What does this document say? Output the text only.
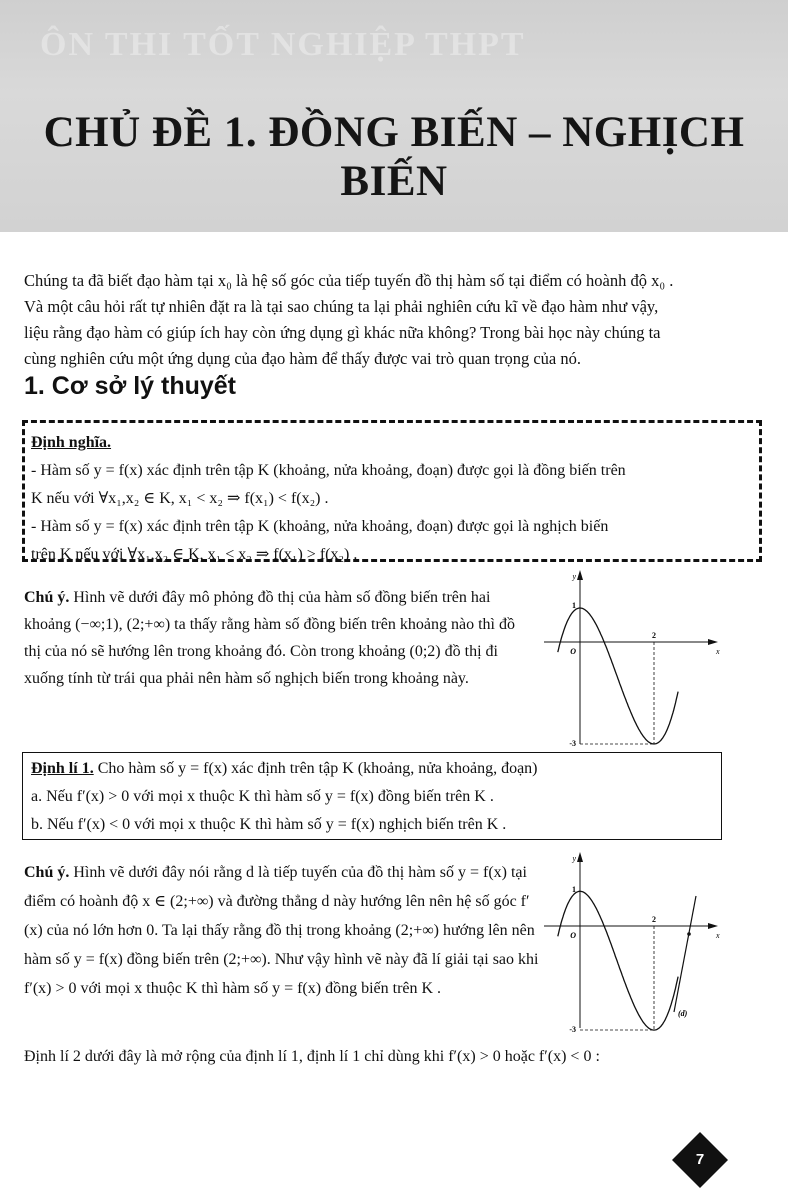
ÔN THI TỐT NGHIỆP THPT
CHỦ ĐỀ 1. ĐỒNG BIẾN – NGHỊCH BIẾN
Chúng ta đã biết đạo hàm tại x₀ là hệ số góc của tiếp tuyến đồ thị hàm số tại điểm có hoành độ x₀ .
Và một câu hỏi rất tự nhiên đặt ra là tại sao chúng ta lại phải nghiên cứu kĩ về đạo hàm như vậy,
liệu rằng đạo hàm có giúp ích hay còn ứng dụng gì khác nữa không? Trong bài học này chúng ta
cùng nghiên cứu một ứng dụng của đạo hàm để thấy được vai trò quan trọng của nó.
1. Cơ sở lý thuyết
Định nghĩa.
- Hàm số y = f(x) xác định trên tập K (khoảng, nửa khoảng, đoạn) được gọi là đồng biến trên
K nếu với ∀x₁,x₂ ∈ K, x₁ < x₂ ⇒ f(x₁) < f(x₂) .
- Hàm số y = f(x) xác định trên tập K (khoảng, nửa khoảng, đoạn) được gọi là nghịch biến
trên K nếu với ∀x₁,x₂ ∈ K, x₁ < x₂ ⇒ f(x₁) > f(x₂) .
Chú ý. Hình vẽ dưới đây mô phỏng đồ thị của hàm số đồng biến trên hai khoảng (−∞;1), (2;+∞) ta thấy rằng hàm số đồng biến trên khoảng nào thì đồ thị của nó sẽ hướng lên trong khoảng đó. Còn trong khoảng (0;2) đồ thị đi xuống tính từ trái qua phải nên hàm số nghịch biến trong khoảng này.
y
x
O
1
2
-3
Định lí 1. Cho hàm số y = f(x) xác định trên tập K (khoảng, nửa khoảng, đoạn)
a. Nếu f′(x) > 0 với mọi x thuộc K thì hàm số y = f(x) đồng biến trên K .
b. Nếu f′(x) < 0 với mọi x thuộc K thì hàm số y = f(x) nghịch biến trên K .
Chú ý. Hình vẽ dưới đây nói rằng d là tiếp tuyến của đồ thị hàm số y = f(x) tại điểm có hoành độ x ∈ (2;+∞) và đường thẳng d này hướng lên nên hệ số góc f′(x) của nó lớn hơn 0. Ta lại thấy rằng đồ thị trong khoảng (2;+∞) hướng lên nên hàm số y = f(x) đồng biến trên (2;+∞). Như vậy hình vẽ này đã lí giải tại sao khi f′(x) > 0 với mọi x thuộc K thì hàm số y = f(x) đồng biến trên K .
y
x
O
1
2
-3
(d)
Định lí 2 dưới đây là mở rộng của định lí 1, định lí 1 chỉ dùng khi f′(x) > 0 hoặc f′(x) < 0 :
7
